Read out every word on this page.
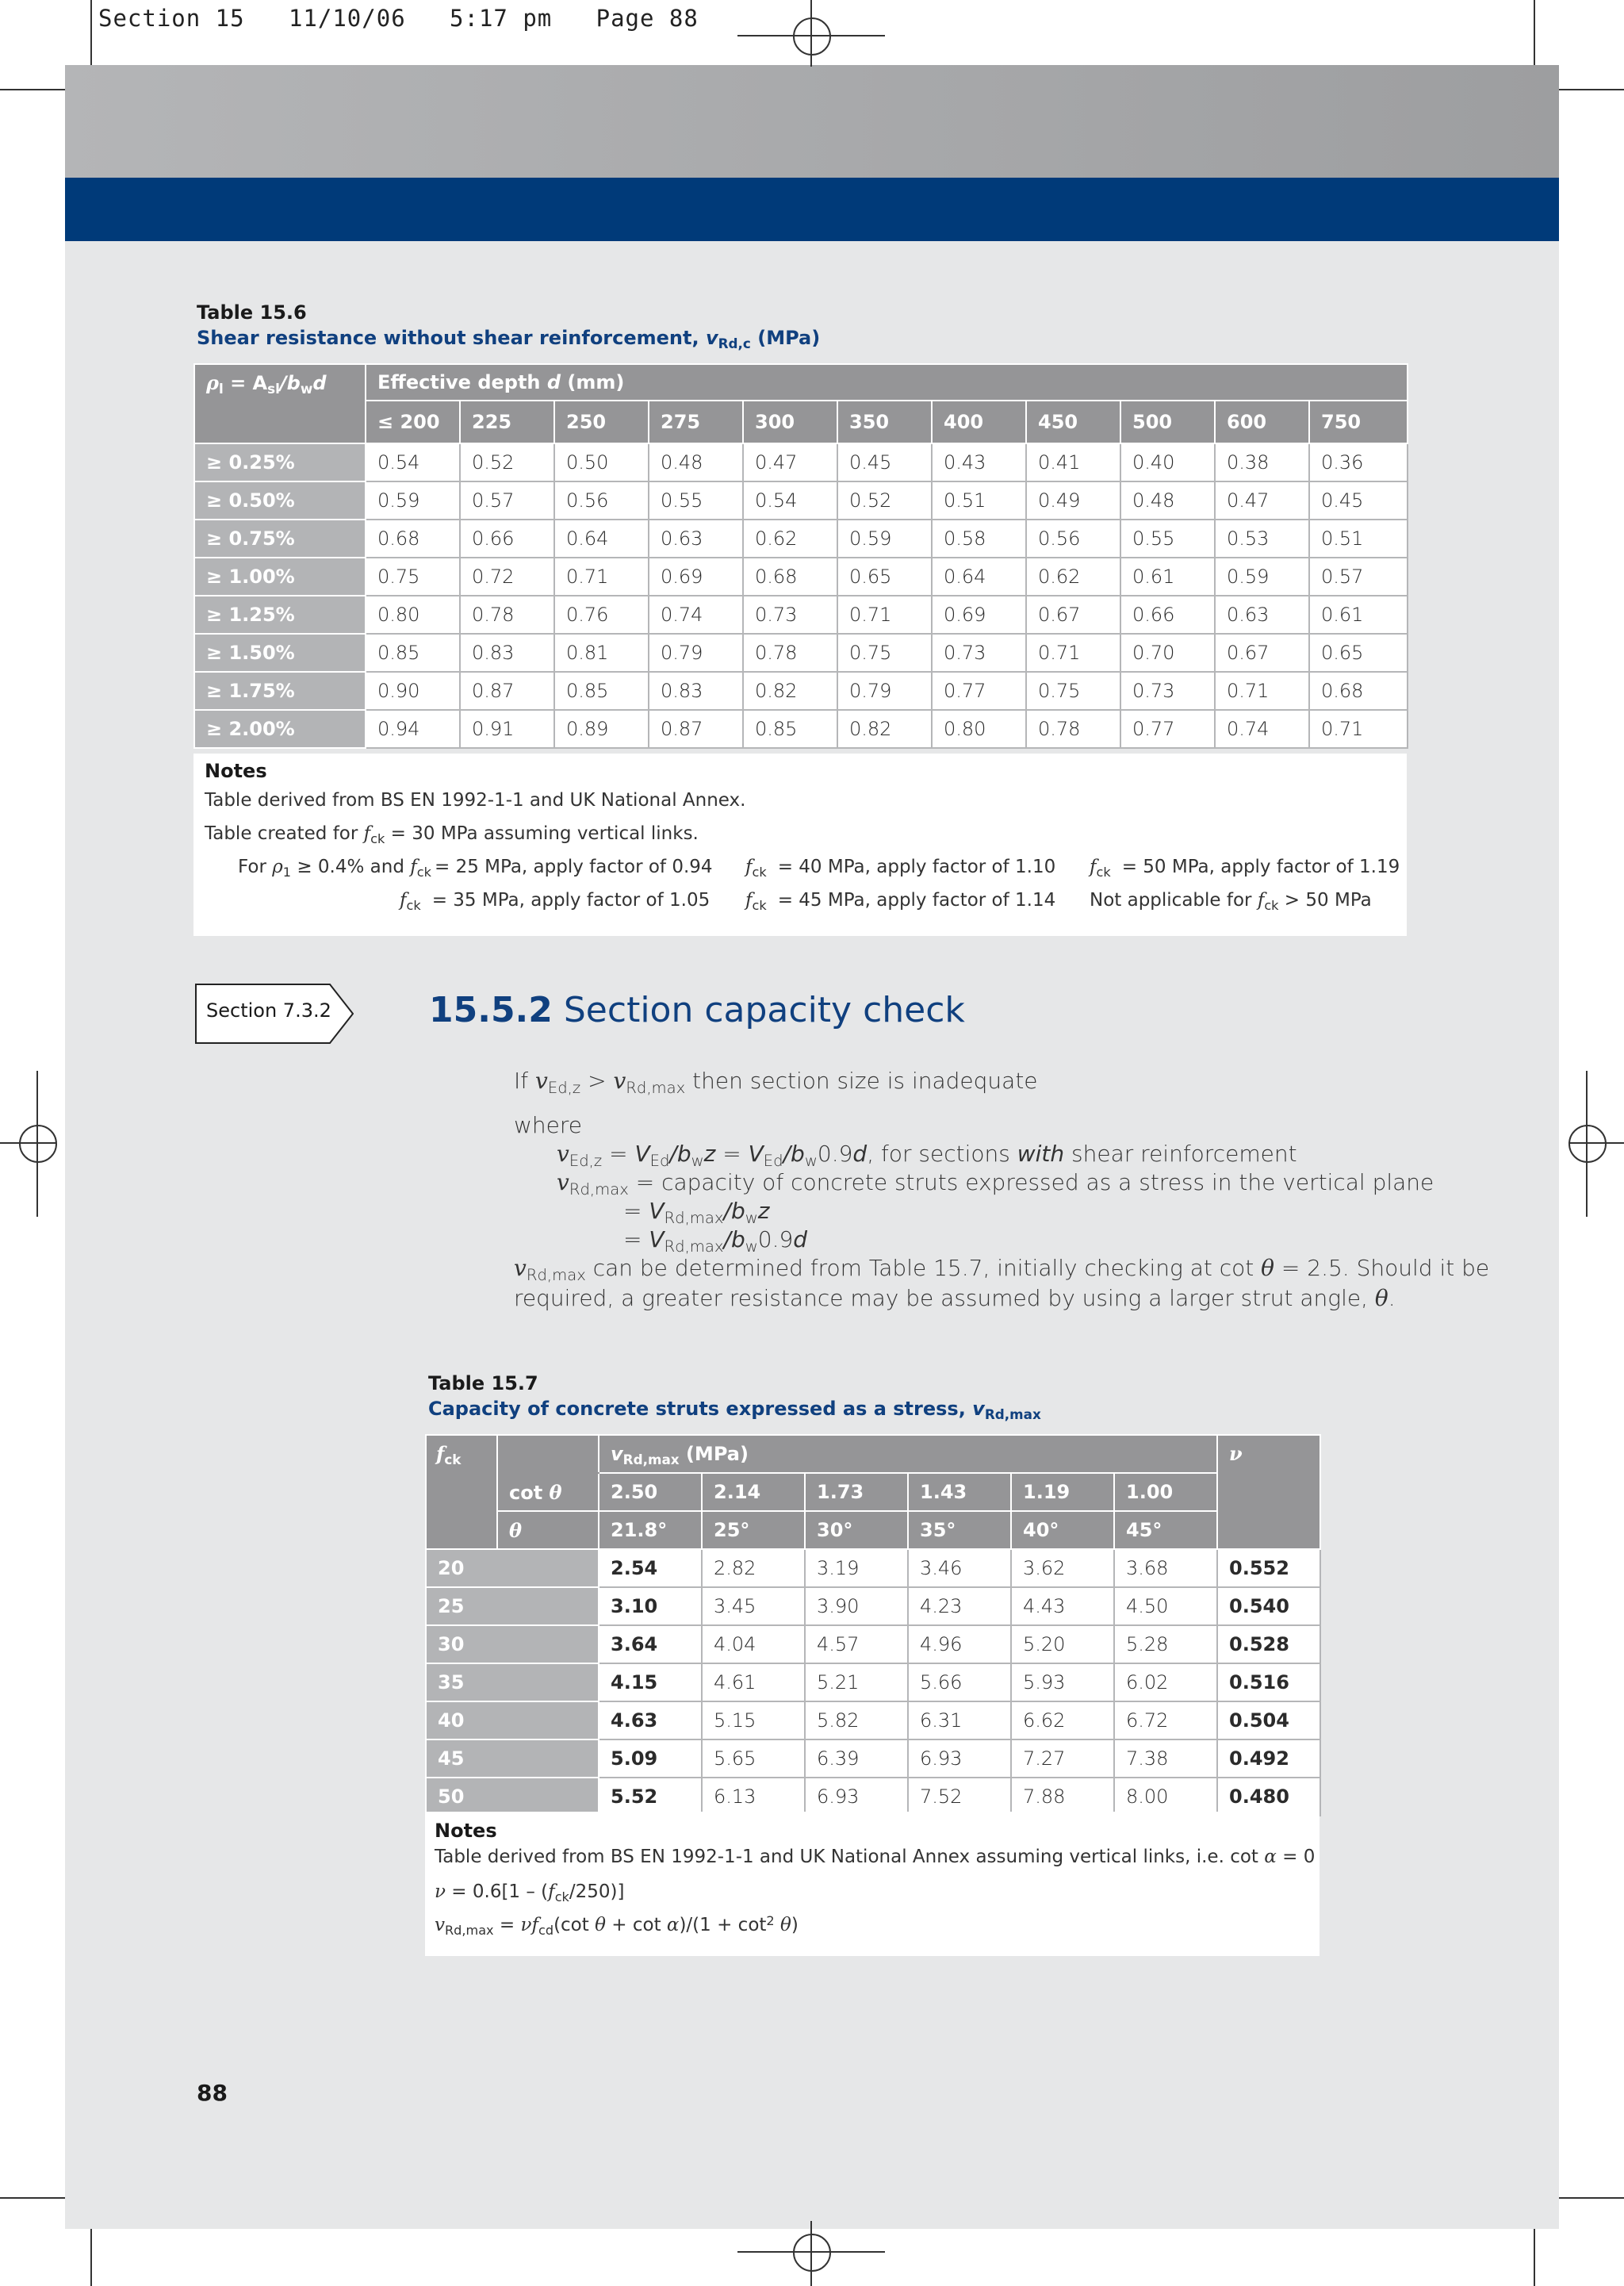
Section 15   11/10/06   5:17 pm   Page 88
Table 15.6
Shear resistance without shear reinforcement, $v_{Rd,c}$ (MPa)
$\rho_l = A_{sl}/b_wd$	Effective depth d (mm)										
	≤ 200	225	250	275	300	350	400	450	500	600	750
≥ 0.25%	0.54	0.52	0.50	0.48	0.47	0.45	0.43	0.41	0.40	0.38	0.36
≥ 0.50%	0.59	0.57	0.56	0.55	0.54	0.52	0.51	0.49	0.48	0.47	0.45
≥ 0.75%	0.68	0.66	0.64	0.63	0.62	0.59	0.58	0.56	0.55	0.53	0.51
≥ 1.00%	0.75	0.72	0.71	0.69	0.68	0.65	0.64	0.62	0.61	0.59	0.57
≥ 1.25%	0.80	0.78	0.76	0.74	0.73	0.71	0.69	0.67	0.66	0.63	0.61
≥ 1.50%	0.85	0.83	0.81	0.79	0.78	0.75	0.73	0.71	0.70	0.67	0.65
≥ 1.75%	0.90	0.87	0.85	0.83	0.82	0.79	0.77	0.75	0.73	0.71	0.68
≥ 2.00%	0.94	0.91	0.89	0.87	0.85	0.82	0.80	0.78	0.77	0.74	0.71
Notes
Table derived from BS EN 1992-1-1 and UK National Annex.
Table created for $f_{ck} = 30$ MPa assuming vertical links.
For $\rho_1 \ge 0.4\%$ and $f_{ck} = 25$ MPa, apply factor of 0.94
$f_{ck} = 35$ MPa, apply factor of 1.05
$f_{ck} = 40$ MPa, apply factor of 1.10
$f_{ck} = 45$ MPa, apply factor of 1.14
$f_{ck} = 50$ MPa, apply factor of 1.19
Not applicable for $f_{ck} > 50$ MPa
Section 7.3.2	15.5.2 Section capacity check
If $v_{Ed,z} > v_{Rd,max}$ then section size is inadequate
where
$v_{Ed,z} = V_{Ed}/b_wz = V_{Ed}/b_w0.9d$, for sections with shear reinforcement
$v_{Rd,max}$ = capacity of concrete struts expressed as a stress in the vertical plane
= $V_{Rd,max}/b_wz$
= $V_{Rd,max}/b_w0.9d$
$v_{Rd,max}$ can be determined from Table 15.7, initially checking at cot θ = 2.5. Should it be
required, a greater resistance may be assumed by using a larger strut angle, θ.
Table 15.7
Capacity of concrete struts expressed as a stress, $v_{Rd,max}$
$f_{ck}$		$v_{Rd,max}$ (MPa)						ν
	cot θ	2.50	2.14	1.73	1.43	1.19	1.00	
	θ	21.8°	25°	30°	35°	40°	45°	
20		2.54	2.82	3.19	3.46	3.62	3.68	0.552
25		3.10	3.45	3.90	4.23	4.43	4.50	0.540
30		3.64	4.04	4.57	4.96	5.20	5.28	0.528
35		4.15	4.61	5.21	5.66	5.93	6.02	0.516
40		4.63	5.15	5.82	6.31	6.62	6.72	0.504
45		5.09	5.65	6.39	6.93	7.27	7.38	0.492
50		5.52	6.13	6.93	7.52	7.88	8.00	0.480
Notes
Table derived from BS EN 1992-1-1 and UK National Annex assuming vertical links, i.e. cot α = 0
$\nu = 0.6[1 - (f_{ck}/250)]$
$v_{Rd,max} = \nu f_{cd}(\cot$ $\theta + \cot \alpha)/(1 + \cot^2 \theta)$
88
